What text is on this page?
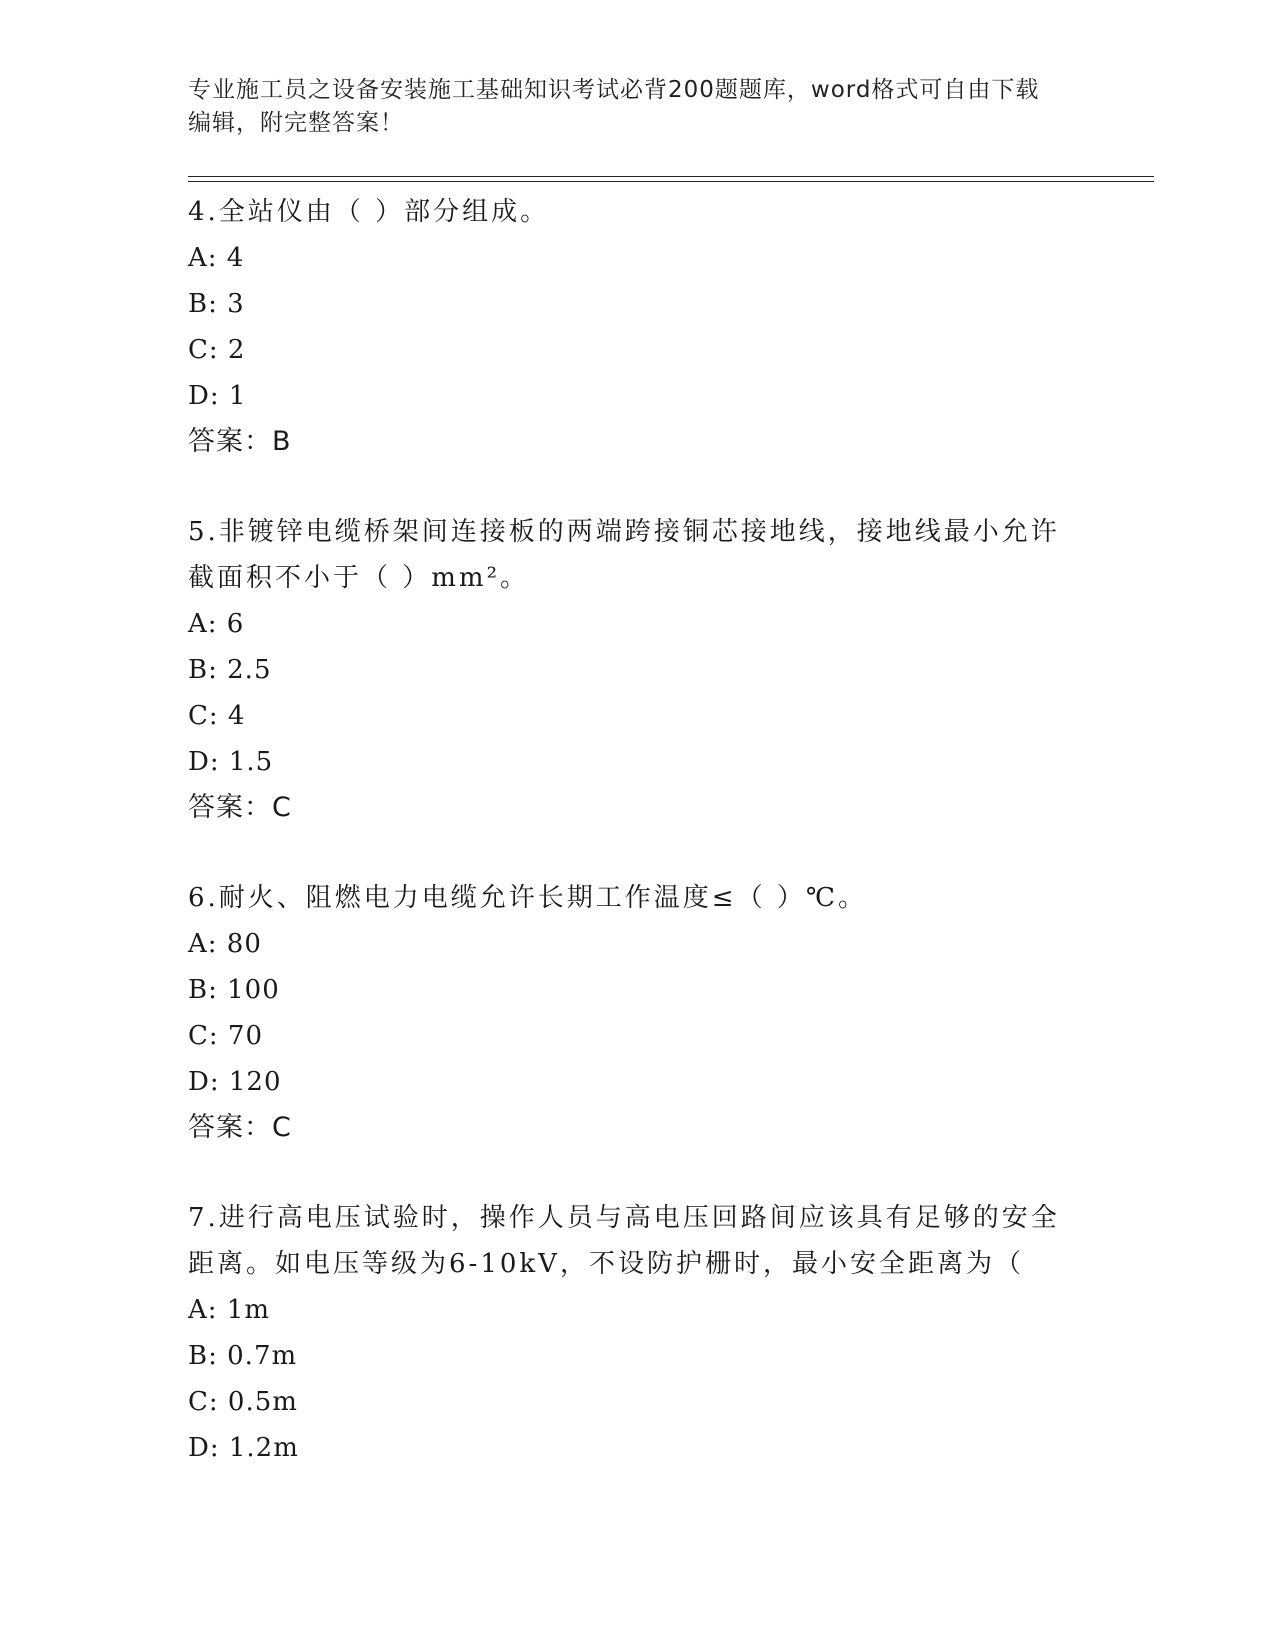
专业施工员之设备安装施工基础知识考试必背200题题库，word格式可自由下载
编辑，附完整答案！

4.全站仪由（ ）部分组成。

A: 4

B: 3

C: 2

D: 1

答案：B

5.非镀锌电缆桥架间连接板的两端跨接铜芯接地线，接地线最小允许

截面积不小于（ ）mm²。

A: 6

B: 2.5

C: 4

D: 1.5

答案：C

6.耐火、阻燃电力电缆允许长期工作温度≤（ ）℃。

A: 80

B: 100

C: 70

D: 120

答案：C

7.进行高电压试验时，操作人员与高电压回路间应该具有足够的安全

距离。如电压等级为6-10kV，不设防护栅时，最小安全距离为（

A: 1m

B: 0.7m

C: 0.5m

D: 1.2m
